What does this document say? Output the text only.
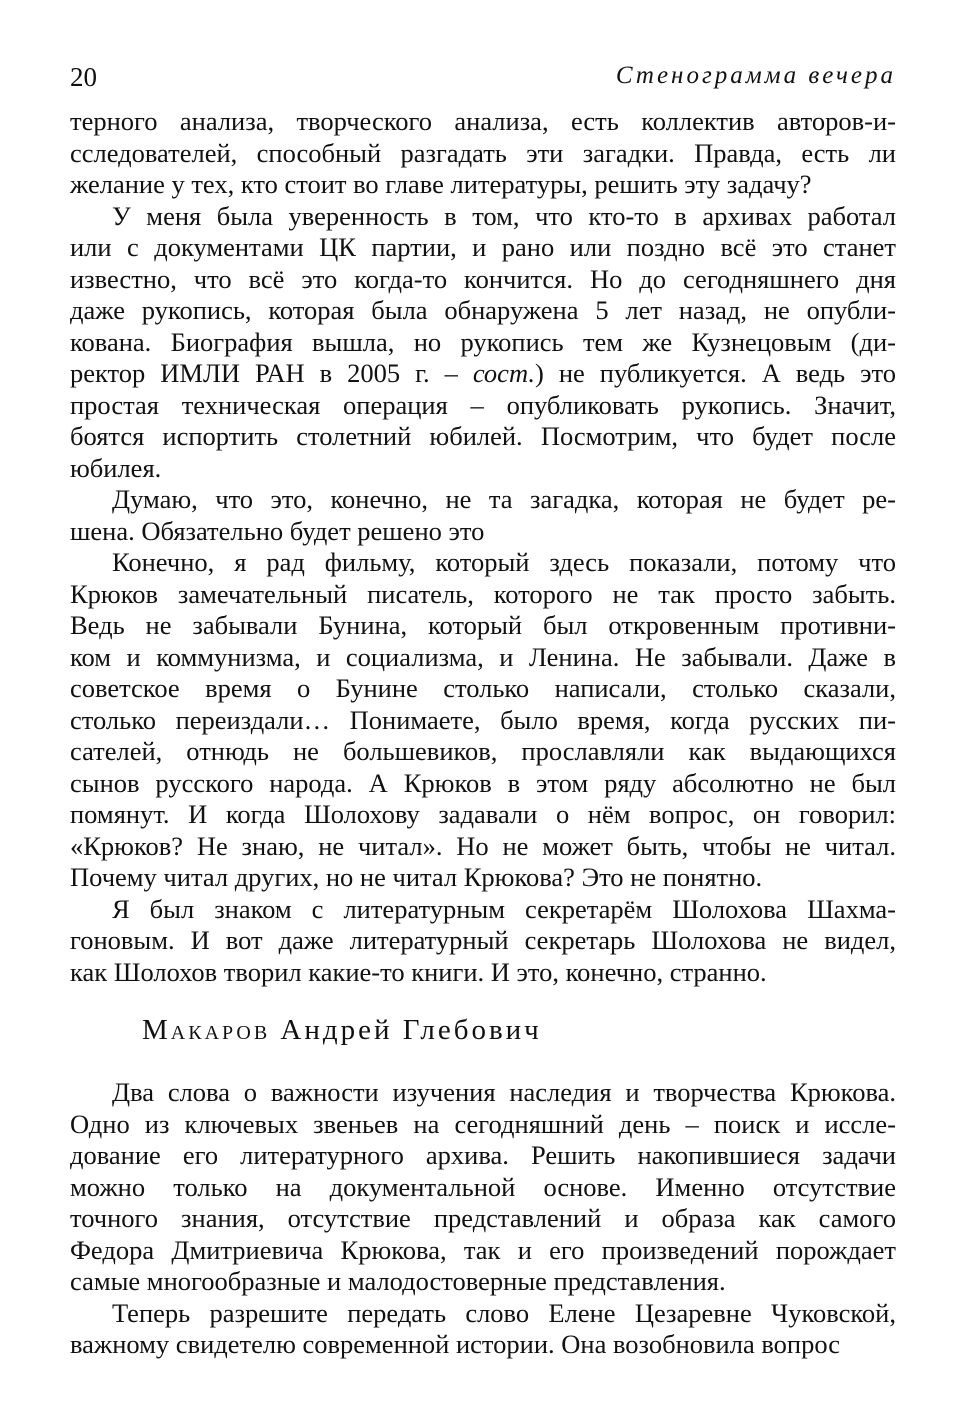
20	Стенограмма вечера

терного анализа, творческого анализа, есть коллектив авторов-и-
сследователей, способный разгадать эти загадки. Правда, есть ли
желание у тех, кто стоит во главе литературы, решить эту задачу?

У меня была уверенность в том, что кто-то в архивах работал
или с документами ЦК партии, и рано или поздно всё это станет
известно, что всё это когда-то кончится. Но до сегодняшнего дня
даже рукопись, которая была обнаружена 5 лет назад, не опубли-
кована. Биография вышла, но рукопись тем же Кузнецовым (ди-
ректор ИМЛИ РАН в 2005 г. – сост.) не публикуется. А ведь это
простая техническая операция – опубликовать рукопись. Значит,
боятся испортить столетний юбилей. Посмотрим, что будет после
юбилея.

Думаю, что это, конечно, не та загадка, которая не будет ре-
шена. Обязательно будет решено это

Конечно, я рад фильму, который здесь показали, потому что
Крюков замечательный писатель, которого не так просто забыть.
Ведь не забывали Бунина, который был откровенным противни-
ком и коммунизма, и социализма, и Ленина. Не забывали. Даже в
советское время о Бунине столько написали, столько сказали,
столько переиздали… Понимаете, было время, когда русских пи-
сателей, отнюдь не большевиков, прославляли как выдающихся
сынов русского народа. А Крюков в этом ряду абсолютно не был
помянут. И когда Шолохову задавали о нём вопрос, он говорил:
«Крюков? Не знаю, не читал». Но не может быть, чтобы не читал.
Почему читал других, но не читал Крюкова? Это не понятно.

Я был знаком с литературным секретарём Шолохова Шахма-
гоновым. И вот даже литературный секретарь Шолохова не видел,
как Шолохов творил какие-то книги. И это, конечно, странно.

Макаров Андрей Глебович

Два слова о важности изучения наследия и творчества Крюкова.
Одно из ключевых звеньев на сегодняшний день – поиск и иссле-
дование его литературного архива. Решить накопившиеся задачи
можно только на документальной основе. Именно отсутствие
точного знания, отсутствие представлений и образа как самого
Федора Дмитриевича Крюкова, так и его произведений порождает
самые многообразные и малодостоверные представления.

Теперь разрешите передать слово Елене Цезаревне Чуковской,
важному свидетелю современной истории. Она возобновила вопрос
